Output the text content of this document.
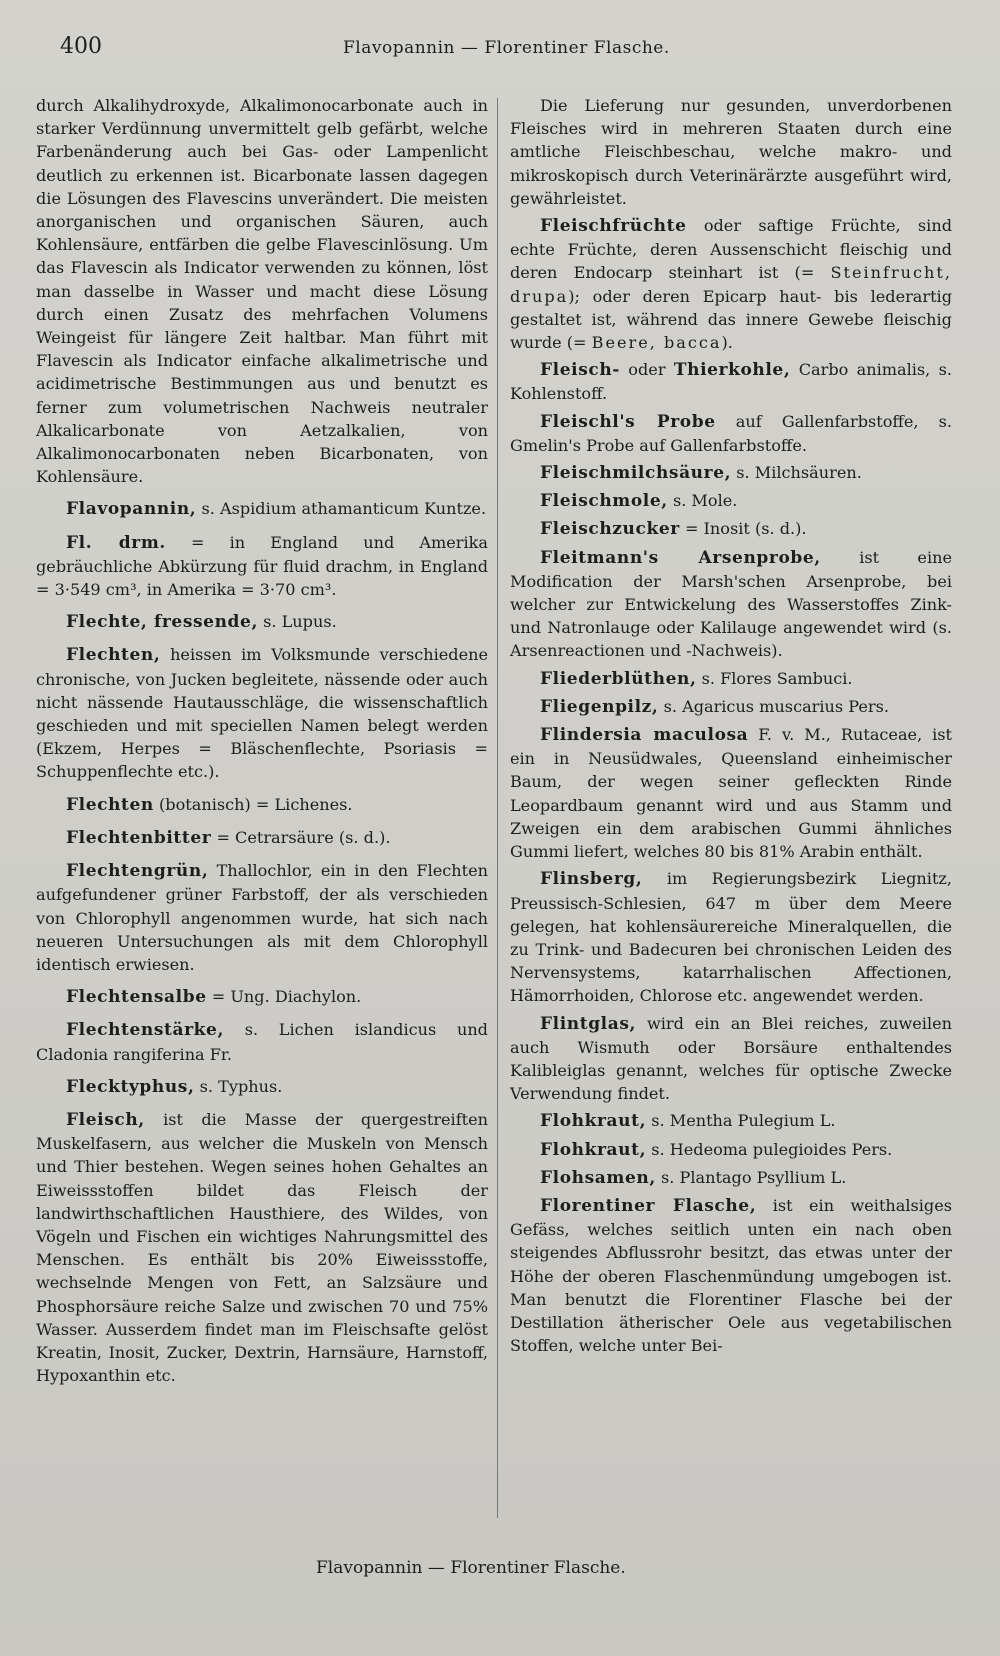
400	Flavopannin — Florentiner Flasche.

durch Alkalihydroxyde, Alkalimonocarbonate auch in starker Verdünnung unvermittelt gelb gefärbt, welche Farbenänderung auch bei Gas- oder Lampenlicht deutlich zu erkennen ist. Bicarbonate lassen dagegen die Lösungen des Flavescins unverändert. Die meisten anorganischen und organischen Säuren, auch Kohlensäure, entfärben die gelbe Flavescinlösung. Um das Flavescin als Indicator verwenden zu können, löst man dasselbe in Wasser und macht diese Lösung durch einen Zusatz des mehrfachen Volumens Weingeist für längere Zeit haltbar. Man führt mit Flavescin als Indicator einfache alkalimetrische und acidimetrische Bestimmungen aus und benutzt es ferner zum volumetrischen Nachweis neutraler Alkalicarbonate von Aetzalkalien, von Alkalimonocarbonaten neben Bicarbonaten, von Kohlensäure.

Flavopannin, s. Aspidium athamanticum Kuntze.

Fl. drm. = in England und Amerika gebräuchliche Abkürzung für fluid drachm, in England = 3·549 cm³, in Amerika = 3·70 cm³.

Flechte, fressende, s. Lupus.

Flechten, heissen im Volksmunde verschiedene chronische, von Jucken begleitete, nässende oder auch nicht nässende Hautausschläge, die wissenschaftlich geschieden und mit speciellen Namen belegt werden (Ekzem, Herpes = Bläschenflechte, Psoriasis = Schuppenflechte etc.).

Flechten (botanisch) = Lichenes.

Flechtenbitter = Cetrarsäure (s. d.).

Flechtengrün, Thallochlor, ein in den Flechten aufgefundener grüner Farbstoff, der als verschieden von Chlorophyll angenommen wurde, hat sich nach neueren Untersuchungen als mit dem Chlorophyll identisch erwiesen.

Flechtensalbe = Ung. Diachylon.

Flechtenstärke, s. Lichen islandicus und Cladonia rangiferina Fr.

Flecktyphus, s. Typhus.

Fleisch, ist die Masse der quergestreiften Muskelfasern, aus welcher die Muskeln von Mensch und Thier bestehen. Wegen seines hohen Gehaltes an Eiweissstoffen bildet das Fleisch der landwirthschaftlichen Hausthiere, des Wildes, von Vögeln und Fischen ein wichtiges Nahrungsmittel des Menschen. Es enthält bis 20% Eiweissstoffe, wechselnde Mengen von Fett, an Salzsäure und Phosphorsäure reiche Salze und zwischen 70 und 75% Wasser. Ausserdem findet man im Fleischsafte gelöst Kreatin, Inosit, Zucker, Dextrin, Harnsäure, Harnstoff, Hypoxanthin etc.

Die Lieferung nur gesunden, unverdorbenen Fleisches wird in mehreren Staaten durch eine amtliche Fleischbeschau, welche makro- und mikroskopisch durch Veterinärärzte ausgeführt wird, gewährleistet.

Fleischfrüchte oder saftige Früchte, sind echte Früchte, deren Aussenschicht fleischig und deren Endocarp steinhart ist (= Steinfrucht, drupa); oder deren Epicarp haut- bis lederartig gestaltet ist, während das innere Gewebe fleischig wurde (= Beere, bacca).

Fleisch- oder Thierkohle, Carbo animalis, s. Kohlenstoff.

Fleischl's Probe auf Gallenfarbstoffe, s. Gmelin's Probe auf Gallenfarbstoffe.

Fleischmilchsäure, s. Milchsäuren.

Fleischmole, s. Mole.

Fleischzucker = Inosit (s. d.).

Fleitmann's Arsenprobe, ist eine Modification der Marsh'schen Arsenprobe, bei welcher zur Entwickelung des Wasserstoffes Zink- und Natronlauge oder Kalilauge angewendet wird (s. Arsenreactionen und -Nachweis).

Fliederblüthen, s. Flores Sambuci.

Fliegenpilz, s. Agaricus muscarius Pers.

Flindersia maculosa F. v. M., Rutaceae, ist ein in Neusüdwales, Queensland einheimischer Baum, der wegen seiner gefleckten Rinde Leopardbaum genannt wird und aus Stamm und Zweigen ein dem arabischen Gummi ähnliches Gummi liefert, welches 80 bis 81% Arabin enthält.

Flinsberg, im Regierungsbezirk Liegnitz, Preussisch-Schlesien, 647 m über dem Meere gelegen, hat kohlensäurereiche Mineralquellen, die zu Trink- und Badecuren bei chronischen Leiden des Nervensystems, katarrhalischen Affectionen, Hämorrhoiden, Chlorose etc. angewendet werden.

Flintglas, wird ein an Blei reiches, zuweilen auch Wismuth oder Borsäure enthaltendes Kalibleiglas genannt, welches für optische Zwecke Verwendung findet.

Flohkraut, s. Mentha Pulegium L.

Flohkraut, s. Hedeoma pulegioides Pers.

Flohsamen, s. Plantago Psyllium L.

Florentiner Flasche, ist ein weithalsiges Gefäss, welches seitlich unten ein nach oben steigendes Abflussrohr besitzt, das etwas unter der Höhe der oberen Flaschenmündung umgebogen ist. Man benutzt die Florentiner Flasche bei der Destillation ätherischer Oele aus vegetabilischen Stoffen, welche unter Bei-

Flavopannin — Florentiner Flasche.
